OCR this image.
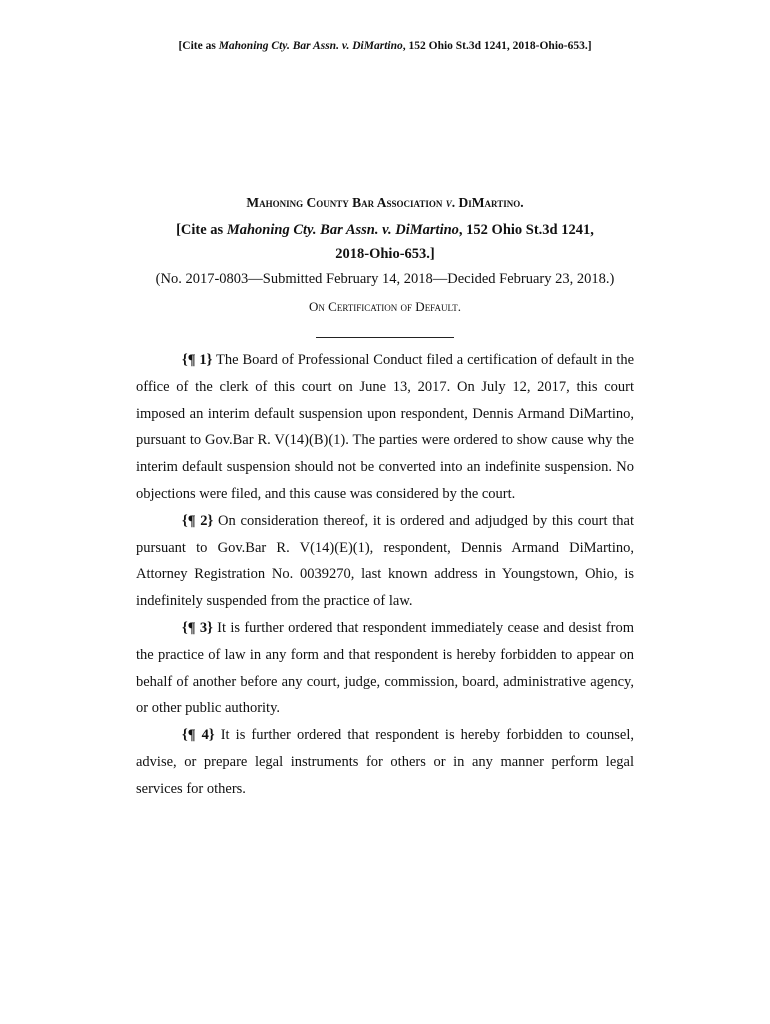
[Cite as Mahoning Cty. Bar Assn. v. DiMartino, 152 Ohio St.3d 1241, 2018-Ohio-653.]

Mahoning County Bar Association v. DiMartino.

[Cite as Mahoning Cty. Bar Assn. v. DiMartino, 152 Ohio St.3d 1241,
2018-Ohio-653.]

(No. 2017-0803—Submitted February 14, 2018—Decided February 23, 2018.)

On Certification of Default.

{¶ 1} The Board of Professional Conduct filed a certification of default in the office of the clerk of this court on June 13, 2017. On July 12, 2017, this court imposed an interim default suspension upon respondent, Dennis Armand DiMartino, pursuant to Gov.Bar R. V(14)(B)(1). The parties were ordered to show cause why the interim default suspension should not be converted into an indefinite suspension. No objections were filed, and this cause was considered by the court.

{¶ 2} On consideration thereof, it is ordered and adjudged by this court that pursuant to Gov.Bar R. V(14)(E)(1), respondent, Dennis Armand DiMartino, Attorney Registration No. 0039270, last known address in Youngstown, Ohio, is indefinitely suspended from the practice of law.

{¶ 3} It is further ordered that respondent immediately cease and desist from the practice of law in any form and that respondent is hereby forbidden to appear on behalf of another before any court, judge, commission, board, administrative agency, or other public authority.

{¶ 4} It is further ordered that respondent is hereby forbidden to counsel, advise, or prepare legal instruments for others or in any manner perform legal services for others.
